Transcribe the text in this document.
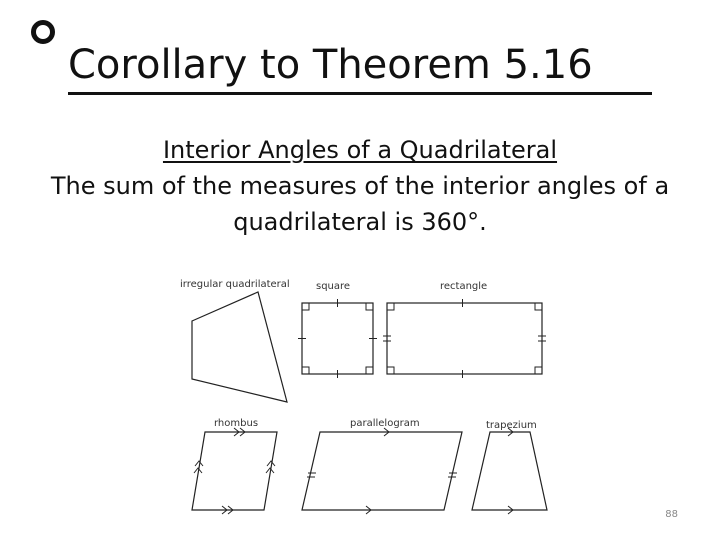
Corollary to Theorem 5.16
Interior Angles of a Quadrilateral
The sum of the measures of the interior angles of a quadrilateral is 360°.
irregular quadrilateral	square	rectangle
rhombus	parallelogram	trapezium
88
